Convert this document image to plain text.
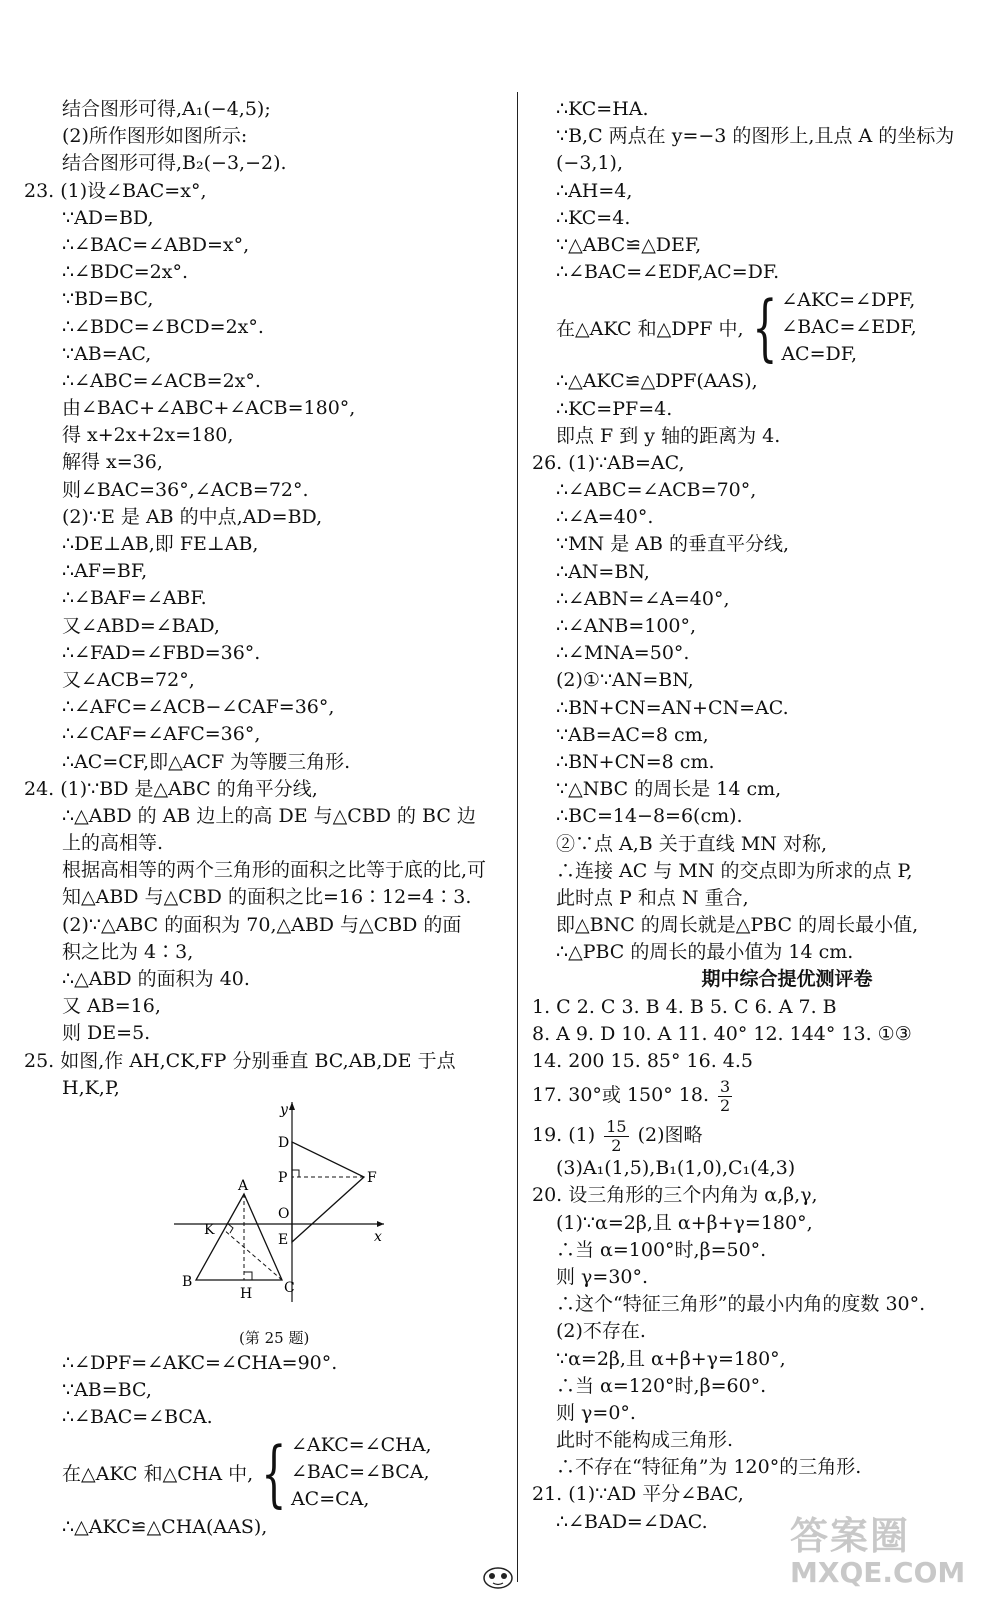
结合图形可得,A₁(−4,5);
(2)所作图形如图所示:
结合图形可得,B₂(−3,−2).
23. (1)设∠BAC=x°,
∵AD=BD,
∴∠BAC=∠ABD=x°,
∴∠BDC=2x°.
∵BD=BC,
∴∠BDC=∠BCD=2x°.
∵AB=AC,
∴∠ABC=∠ACB=2x°.
由∠BAC+∠ABC+∠ACB=180°,
得 x+2x+2x=180,
解得 x=36,
则∠BAC=36°,∠ACB=72°.
(2)∵E 是 AB 的中点,AD=BD,
∴DE⊥AB,即 FE⊥AB,
∴AF=BF,
∴∠BAF=∠ABF.
又∠ABD=∠BAD,
∴∠FAD=∠FBD=36°.
又∠ACB=72°,
∴∠AFC=∠ACB−∠CAF=36°,
∴∠CAF=∠AFC=36°,
∴AC=CF,即△ACF 为等腰三角形.
24. (1)∵BD 是△ABC 的角平分线,
∴△ABD 的 AB 边上的高 DE 与△CBD 的 BC 边
上的高相等.
根据高相等的两个三角形的面积之比等于底的比,可
知△ABD 与△CBD 的面积之比=16∶12=4∶3.
(2)∵△ABC 的面积为 70,△ABD 与△CBD 的面
积之比为 4∶3,
∴△ABD 的面积为 40.
又 AB=16,
则 DE=5.
25. 如图,作 AH,CK,FP 分别垂直 BC,AB,DE 于点
H,K,P,
y
x
D
P	F
A
O
K
E
B
H C
(第 25 题)
∴∠DPF=∠AKC=∠CHA=90°.
∵AB=BC,
∴∠BAC=∠BCA.
在△AKC 和△CHA 中, { ∠AKC=∠CHA,
∠BAC=∠BCA,
AC=CA,
∴△AKC≌△CHA(AAS),
∴KC=HA.
∵B,C 两点在 y=−3 的图形上,且点 A 的坐标为
(−3,1),
∴AH=4,
∴KC=4.
∵△ABC≌△DEF,
∴∠BAC=∠EDF,AC=DF.
在△AKC 和△DPF 中, { ∠AKC=∠DPF,
∠BAC=∠EDF,
AC=DF,
∴△AKC≌△DPF(AAS),
∴KC=PF=4.
即点 F 到 y 轴的距离为 4.
26. (1)∵AB=AC,
∴∠ABC=∠ACB=70°,
∴∠A=40°.
∵MN 是 AB 的垂直平分线,
∴AN=BN,
∴∠ABN=∠A=40°,
∴∠ANB=100°,
∴∠MNA=50°.
(2)①∵AN=BN,
∴BN+CN=AN+CN=AC.
∵AB=AC=8 cm,
∴BN+CN=8 cm.
∵△NBC 的周长是 14 cm,
∴BC=14−8=6(cm).
②∵点 A,B 关于直线 MN 对称,
∴连接 AC 与 MN 的交点即为所求的点 P,
此时点 P 和点 N 重合,
即△BNC 的周长就是△PBC 的周长最小值,
∴△PBC 的周长的最小值为 14 cm.
期中综合提优测评卷
1. C 2. C 3. B 4. B 5. C 6. A 7. B
8. A 9. D 10. A 11. 40° 12. 144° 13. ①③
14. 200 15. 85° 16. 4.5
17. 30°或 150° 18. $\frac{3}{2}$
19. $(1) \frac{15}{2} (2)$图略
(3)A₁(1,5),B₁(1,0),C₁(4,3)
20. 设三角形的三个内角为 α,β,γ,
(1)∵α=2β,且 α+β+γ=180°,
∴当 α=100°时,β=50°.
则 γ=30°.
∴这个“特征三角形”的最小内角的度数 30°.
(2)不存在.
∵α=2β,且 α+β+γ=180°,
∴当 α=120°时,β=60°.
则 γ=0°.
此时不能构成三角形.
∴不存在“特征角”为 120°的三角形.
21. (1)∵AD 平分∠BAC,
∴∠BAD=∠DAC.	答案圈
MXQE.COM
